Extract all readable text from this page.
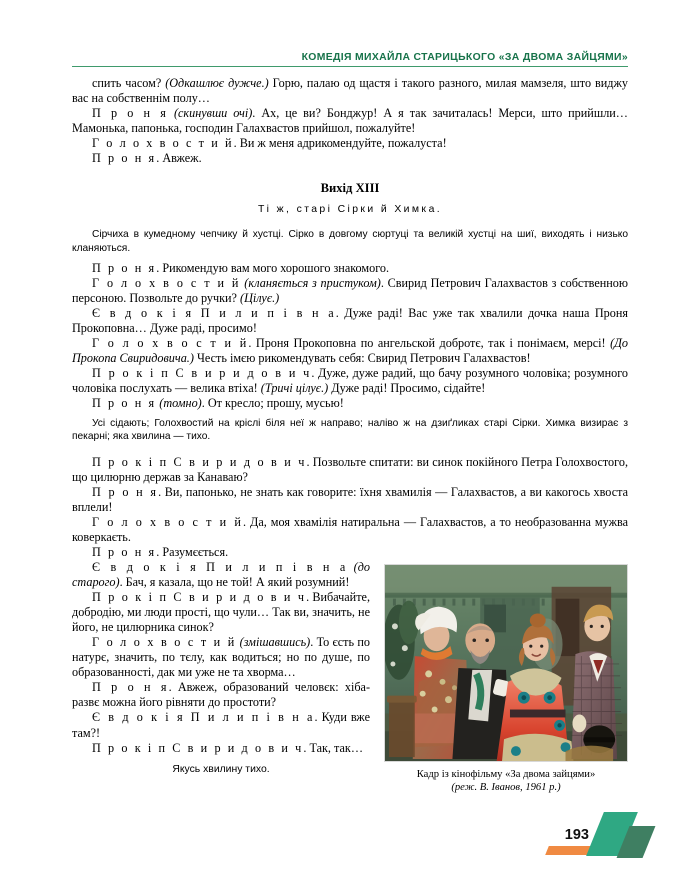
КОМЕДІЯ МИХАЙЛА СТАРИЦЬКОГО «ЗА ДВОМА ЗАЙЦЯМИ»

спить часом? (Одкашлює дужче.) Горю, палаю од щастя і такого разного, милая мамзеля, што виджу вас на собственнім полу…

П р о н я (скинувши очі). Ах, це ви? Бонджур! А я так зачиталась! Мерси, што прийшли… Мамонька, папонька, господин Галахвастов прийшол, пожалуйте!

Г о л о х в о с т и й. Ви ж меня адрикомендуйте, пожалуста!

П р о н я. Авжеж.

Вихід XIII

Ті ж, старі Сірки й Химка.

Сірчиха в кумедному чепчику й хустці. Сірко в довгому сюртуці та великій хустці на шиї, виходять і низько кланяються.

П р о н я. Рикомендую вам мого хорошого знакомого.

Г о л о х в о с т и й (кланяється з пристуком). Свирид Петрович Галахвастов з собственною персоною. Позвольте до ручки? (Цілує.)

Є в д о к і я П и л и п і в н а. Дуже раді! Вас уже так хвалили дочка наша Проня Прокоповна… Дуже раді, просимо!

Г о л о х в о с т и й. Проня Прокоповна по ангельской добротє, так і понімаєм, мерсі! (До Прокопа Свиридовича.) Честь імєю рикомендувать себя: Свирид Петрович Галахвастов!

П р о к і п С в и р и д о в и ч. Дуже, дуже радий, що бачу розумного чоловіка; розумного чоловіка послухать — велика втіха! (Тричі цілує.) Дуже раді! Просимо, сідайте!

П р о н я (томно). От кресло; прошу, мусью!

Усі сідають; Голохвостий на кріслі біля неї ж направо; наліво ж на дзиґликах старі Сірки. Химка визирає з пекарні; яка хвилина — тихо.

П р о к і п С в и р и д о в и ч. Позвольте спитати: ви синок покійного Петра Голохвостого, що цилюрню держав за Канаваю?

П р о н я. Ви, папонько, не знать как говорите: їхня хвамилія — Галахвастов, а ви какогось хвоста вплели!

Г о л о х в о с т и й. Да, моя хвамілія натиральна — Галахвастов, а то необразованна мужва коверкаєть.

П р о н я. Разумєється.

Кадр із кінофільму «За двома зайцями»
(реж. В. Іванов, 1961 р.)

Є в д о к і я П и л и п і в н а (до старого). Бач, я казала, що не той! А який розумний!

П р о к і п С в и р и д о в и ч. Вибачайте, добродію, ми люди прості, що чули… Так ви, значить, не його, не цилюрника синок?

Г о л о х в о с т и й (змішавшись). То єсть по натурє, значить, по тєлу, как водиться; но по душе, по образованності, дак ми уже не та хворма…

П р о н я. Авжеж, образований человєк: хіба-развє можна його рівняти до простоти?

Є в д о к і я П и л и п і в н а. Куди вже там?!

П р о к і п С в и р и д о в и ч. Так, так…

Якусь хвилину тихо.

193
